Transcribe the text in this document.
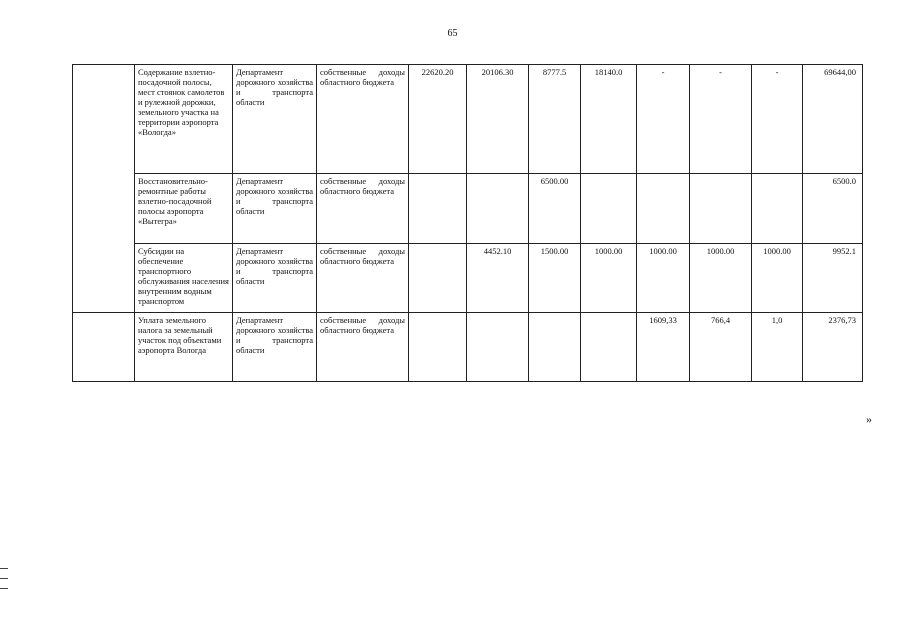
65
	Содержание взлетно-посадочной полосы, мест стоянок самолетов и рулежной дорожки, земельного участка на территории аэропорта «Вологда»	Департамент дорожного хозяйства и транспорта области	собственные доходы областного бюджета	22620.20	20106.30	8777.5	18140.0	-	-	-	69644,00
	Восстановительно-ремонтные работы взлетно-посадочной полосы аэропорта «Вытегра»	Департамент дорожного хозяйства и транспорта области	собственные доходы областного бюджета			6500.00					6500.0
	Субсидии на обеспечение транспортного обслуживания населения внутренним водным транспортом	Департамент дорожного хозяйства и транспорта области	собственные доходы областного бюджета		4452.10	1500.00	1000.00	1000.00	1000.00	1000.00	9952.1
	Уплата земельного налога за земельный участок под объектами аэропорта Вологда	Департамент дорожного хозяйства и транспорта области	собственные доходы областного бюджета					1609,33	766,4	1,0	2376,73
»
